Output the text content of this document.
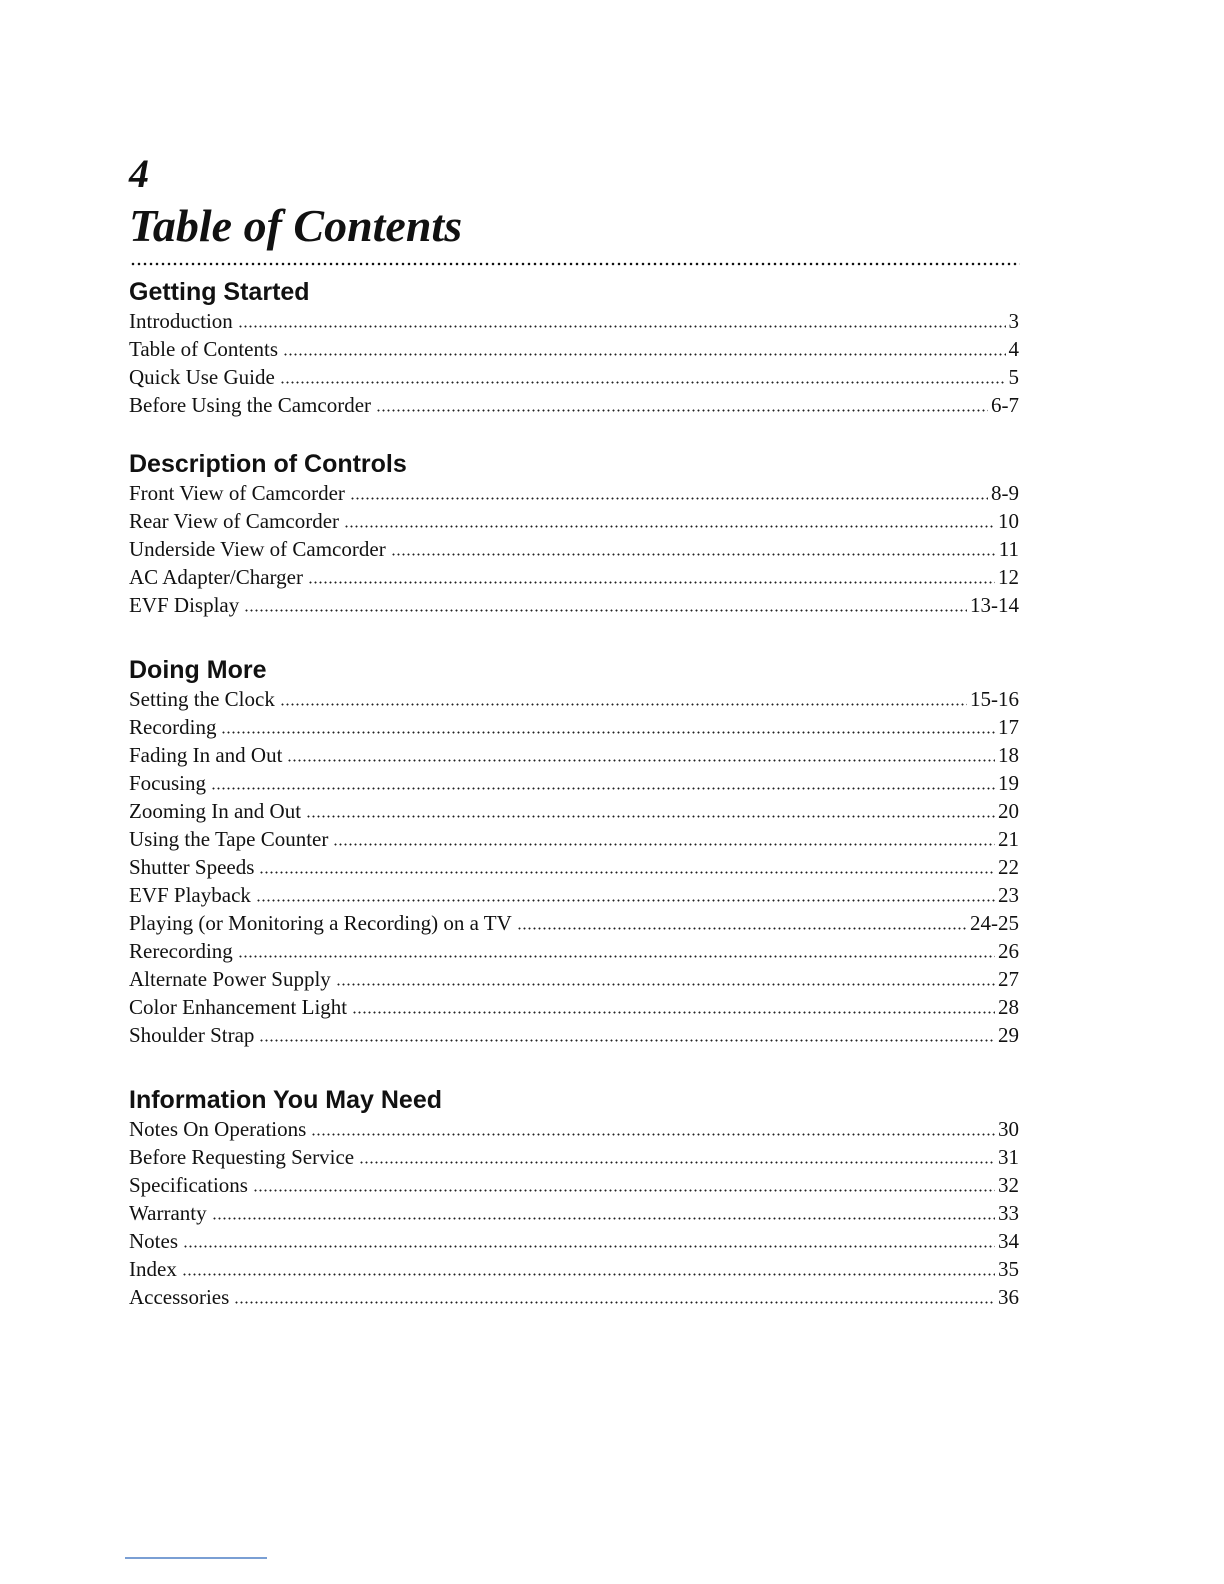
4
Table of Contents
Getting Started
Introduction	3
Table of Contents	4
Quick Use Guide	5
Before Using the Camcorder	6-7
Description of Controls
Front View of Camcorder	8-9
Rear View of Camcorder	10
Underside View of Camcorder	11
AC Adapter/Charger	12
EVF Display	13-14
Doing More
Setting the Clock	15-16
Recording	17
Fading In and Out	18
Focusing	19
Zooming In and Out	20
Using the Tape Counter	21
Shutter Speeds	22
EVF Playback	23
Playing (or Monitoring a Recording) on a TV	24-25
Rerecording	26
Alternate Power Supply	27
Color Enhancement Light	28
Shoulder Strap	29
Information You May Need
Notes On Operations	30
Before Requesting Service	31
Specifications	32
Warranty	33
Notes	34
Index	35
Accessories	36
